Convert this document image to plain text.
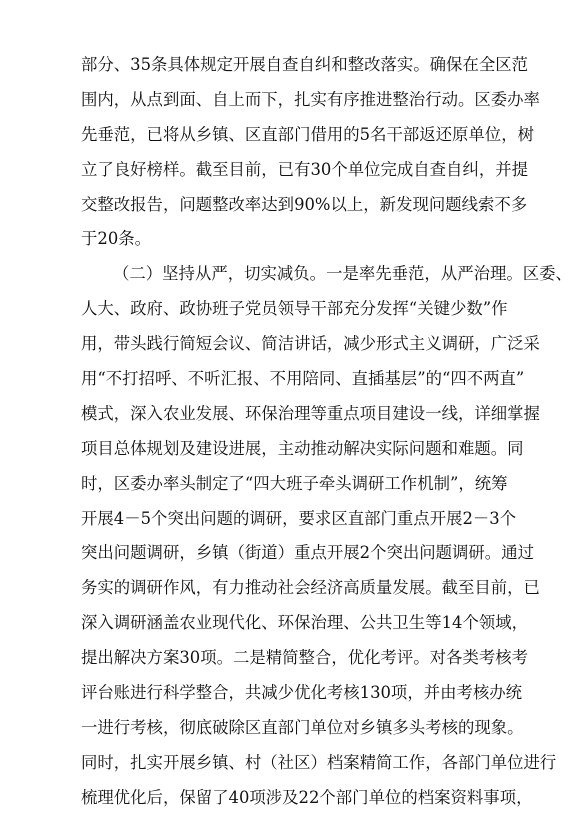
部分、35条具体规定开展自查自纠和整改落实。确保在全区范
围内，从点到面、自上而下，扎实有序推进整治行动。区委办率
先垂范，已将从乡镇、区直部门借用的5名干部返还原单位，树
立了良好榜样。截至目前，已有30个单位完成自查自纠，并提
交整改报告，问题整改率达到90%以上，新发现问题线索不多
于20条。
（二）坚持从严，切实减负。一是率先垂范，从严治理。区委、
人大、政府、政协班子党员领导干部充分发挥“关键少数”作
用，带头践行简短会议、简洁讲话，减少形式主义调研，广泛采
用“不打招呼、不听汇报、不用陪同、直插基层”的“四不两直”
模式，深入农业发展、环保治理等重点项目建设一线，详细掌握
项目总体规划及建设进展，主动推动解决实际问题和难题。同
时，区委办率头制定了“四大班子牵头调研工作机制”，统筹
开展4－5个突出问题的调研，要求区直部门重点开展2－3个
突出问题调研，乡镇（街道）重点开展2个突出问题调研。通过
务实的调研作风，有力推动社会经济高质量发展。截至目前，已
深入调研涵盖农业现代化、环保治理、公共卫生等14个领域，
提出解决方案30项。二是精简整合，优化考评。对各类考核考
评台账进行科学整合，共减少优化考核130项，并由考核办统
一进行考核，彻底破除区直部门单位对乡镇多头考核的现象。
同时，扎实开展乡镇、村（社区）档案精简工作，各部门单位进行
梳理优化后，保留了40项涉及22个部门单位的档案资料事项，
